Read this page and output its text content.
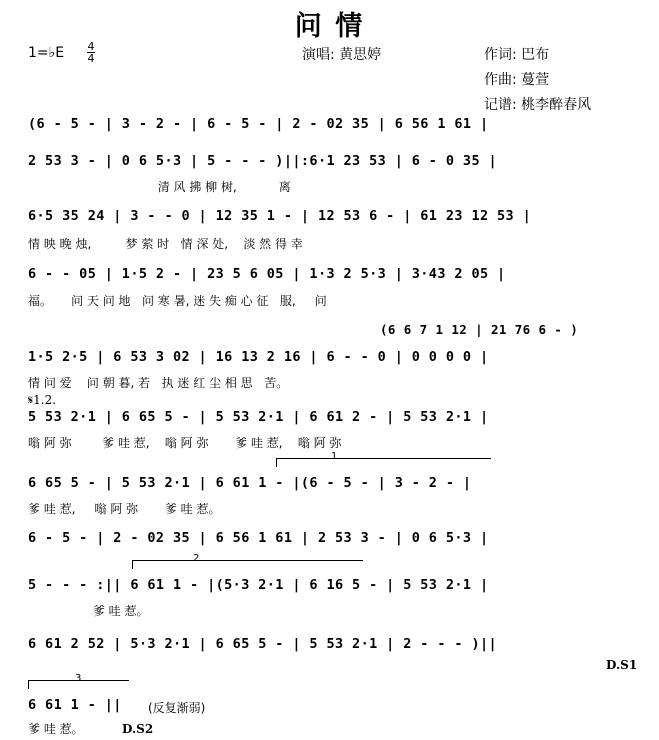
问 情
1=♭E 4
4	演唱: 黄思婷	作词: 巴布
作曲: 蔓萱
记谱: 桃李醉春风
(6 - 5 - | 3 - 2 - | 6 - 5 - | 2 - 02 35 | 6 56 1 61 |
2 53 3 - | 0 6 5·3 | 5 - - - )||:6·1 23 53 | 6 - 0 35 |
清 风 拂 柳 树,           离
6·5 35 24 | 3 - - 0 | 12 35 1 - | 12 53 6 - | 61 23 12 53 |
情 映 晚 烛,         梦 萦 时   情 深 处,    淡 然 得 幸
6 - - 05 | 1·5 2 - | 23 5 6 05 | 1·3 2 5·3 | 3·43 2 05 |
福。     问 天 问 地   问 寒 暑, 迷 失 痴 心 征   服,     问
(6 6 7 1 12 | 21 76 6 - )
1·5 2·5 | 6 53 3 02 | 16 13 2 16 | 6 - - 0 | 0 0 0 0 |
情 问 爱    问 朝 暮, 若   执 迷 红 尘 相 思   苦。
𝄋1.2.
5 53 2·1 | 6 65 5 - | 5 53 2·1 | 6 61 2 - | 5 53 2·1 |
嗡 阿 弥        爹 哇 惹,    嗡 阿 弥       爹 哇 惹,    嗡 阿 弥
1
6 65 5 - | 5 53 2·1 | 6 61 1 - |(6 - 5 - | 3 - 2 - |
爹 哇 惹,     嗡 阿 弥       爹 哇 惹。
6 - 5 - | 2 - 02 35 | 6 56 1 61 | 2 53 3 - | 0 6 5·3 |
2
5 - - - :|| 6 61 1 - |(5·3 2·1 | 6 16 5 - | 5 53 2·1 |
爹 哇 惹。
6 61 2 52 | 5·3 2·1 | 6 65 5 - | 5 53 2·1 | 2 - - - )||
D.S1
3
6 61 1 - ||
爹 哇 惹。
(反复渐弱)
D.S2
